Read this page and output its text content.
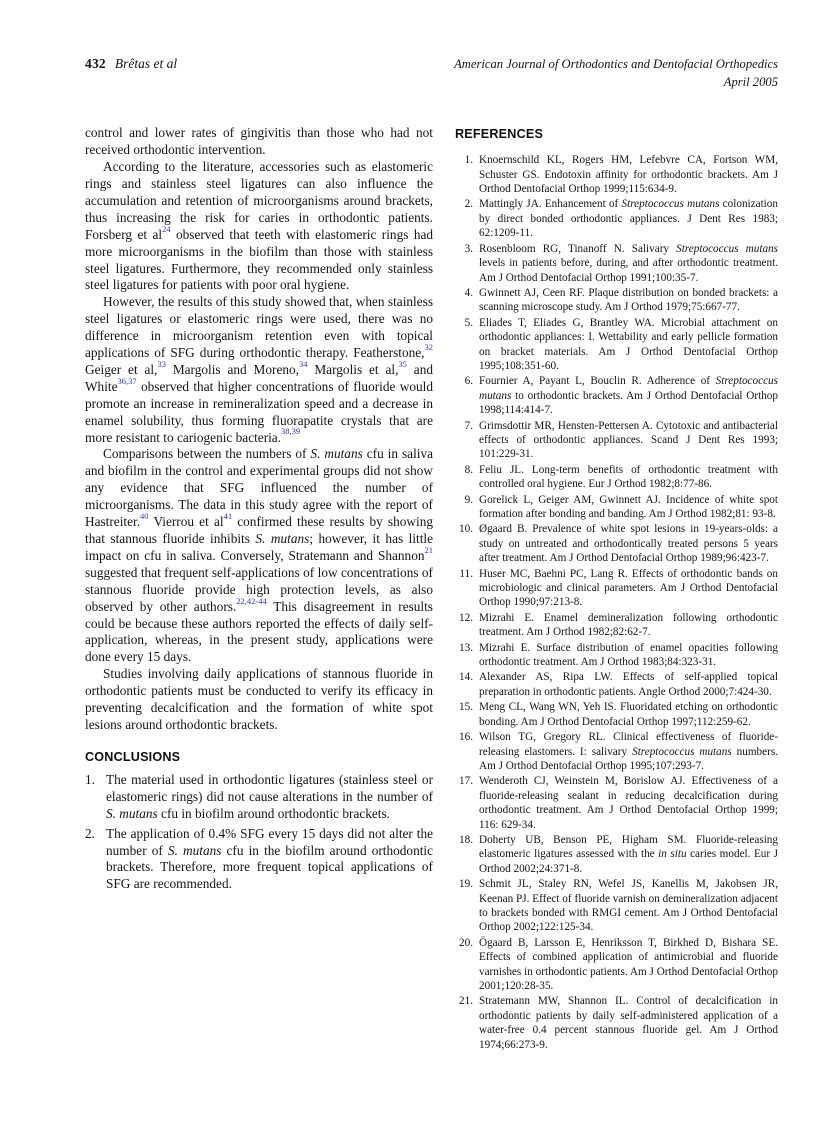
432 Brêtas et al	American Journal of Orthodontics and Dentofacial Orthopedics
April 2005

control and lower rates of gingivitis than those who had not received orthodontic intervention.

According to the literature, accessories such as elastomeric rings and stainless steel ligatures can also influence the accumulation and retention of microorganisms around brackets, thus increasing the risk for caries in orthodontic patients. Forsberg et al$^{24}$ observed that teeth with elastomeric rings had more microorganisms in the biofilm than those with stainless steel ligatures. Furthermore, they recommended only stainless steel ligatures for patients with poor oral hygiene.

However, the results of this study showed that, when stainless steel ligatures or elastomeric rings were used, there was no difference in microorganism retention even with topical applications of SFG during orthodontic therapy. Featherstone,$^{32}$ Geiger et al,$^{33}$ Margolis and Moreno,$^{34}$ Margolis et al,$^{35}$ and White$^{36,37}$ observed that higher concentrations of fluoride would promote an increase in remineralization speed and a decrease in enamel solubility, thus forming fluorapatite crystals that are more resistant to cariogenic bacteria.$^{38,39}$

Comparisons between the numbers of S. mutans cfu in saliva and biofilm in the control and experimental groups did not show any evidence that SFG influenced the number of microorganisms. The data in this study agree with the report of Hastreiter.$^{40}$ Vierrou et al$^{41}$ confirmed these results by showing that stannous fluoride inhibits S. mutans; however, it has little impact on cfu in saliva. Conversely, Stratemann and Shannon$^{21}$ suggested that frequent self-applications of low concentrations of stannous fluoride provide high protection levels, as also observed by other authors.$^{22,42-44}$ This disagreement in results could be because these authors reported the effects of daily self-application, whereas, in the present study, applications were done every 15 days.

Studies involving daily applications of stannous fluoride in orthodontic patients must be conducted to verify its efficacy in preventing decalcification and the formation of white spot lesions around orthodontic brackets.

CONCLUSIONS
1. The material used in orthodontic ligatures (stainless steel or elastomeric rings) did not cause alterations in the number of S. mutans cfu in biofilm around orthodontic brackets.
2. The application of 0.4% SFG every 15 days did not alter the number of S. mutans cfu in the biofilm around orthodontic brackets. Therefore, more frequent topical applications of SFG are recommended.
REFERENCES
1. Knoernschild KL, Rogers HM, Lefebvre CA, Fortson WM, Schuster GS. Endotoxin affinity for orthodontic brackets. Am J Orthod Dentofacial Orthop 1999;115:634-9.
2. Mattingly JA. Enhancement of Streptococcus mutans colonization by direct bonded orthodontic appliances. J Dent Res 1983; 62:1209-11.
3. Rosenbloom RG, Tinanoff N. Salivary Streptococcus mutans levels in patients before, during, and after orthodontic treatment. Am J Orthod Dentofacial Orthop 1991;100:35-7.
4. Gwinnett AJ, Ceen RF. Plaque distribution on bonded brackets: a scanning microscope study. Am J Orthod 1979;75:667-77.
5. Eliades T, Eliades G, Brantley WA. Microbial attachment on orthodontic appliances: I. Wettability and early pellicle formation on bracket materials. Am J Orthod Dentofacial Orthop 1995;108:351-60.
6. Fournier A, Payant L, Bouclin R. Adherence of Streptococcus mutans to orthodontic brackets. Am J Orthod Dentofacial Orthop 1998;114:414-7.
7. Grimsdottir MR, Hensten-Pettersen A. Cytotoxic and antibacterial effects of orthodontic appliances. Scand J Dent Res 1993; 101:229-31.
8. Feliu JL. Long-term benefits of orthodontic treatment with controlled oral hygiene. Eur J Orthod 1982;8:77-86.
9. Gorelick L, Geiger AM, Gwinnett AJ. Incidence of white spot formation after bonding and banding. Am J Orthod 1982;81: 93-8.
10. Øgaard B. Prevalence of white spot lesions in 19-years-olds: a study on untreated and orthodontically treated persons 5 years after treatment. Am J Orthod Dentofacial Orthop 1989;96:423-7.
11. Huser MC, Baehni PC, Lang R. Effects of orthodontic bands on microbiologic and clinical parameters. Am J Orthod Dentofacial Orthop 1990;97:213-8.
12. Mizrahi E. Enamel demineralization following orthodontic treatment. Am J Orthod 1982;82:62-7.
13. Mizrahi E. Surface distribution of enamel opacities following orthodontic treatment. Am J Orthod 1983;84:323-31.
14. Alexander AS, Ripa LW. Effects of self-applied topical preparation in orthodontic patients. Angle Orthod 2000;7:424-30.
15. Meng CL, Wang WN, Yeh IS. Fluoridated etching on orthodontic bonding. Am J Orthod Dentofacial Orthop 1997;112:259-62.
16. Wilson TG, Gregory RL. Clinical effectiveness of fluoride-releasing elastomers. I: salivary Streptococcus mutans numbers. Am J Orthod Dentofacial Orthop 1995;107:293-7.
17. Wenderoth CJ, Weinstein M, Borislow AJ. Effectiveness of a fluoride-releasing sealant in reducing decalcification during orthodontic treatment. Am J Orthod Dentofacial Orthop 1999; 116: 629-34.
18. Doherty UB, Benson PE, Higham SM. Fluoride-releasing elastomeric ligatures assessed with the in situ caries model. Eur J Orthod 2002;24:371-8.
19. Schmit JL, Staley RN, Wefel JS, Kanellis M, Jakobsen JR, Keenan PJ. Effect of fluoride varnish on demineralization adjacent to brackets bonded with RMGI cement. Am J Orthod Dentofacial Orthop 2002;122:125-34.
20. Ögaard B, Larsson E, Henriksson T, Birkhed D, Bishara SE. Effects of combined application of antimicrobial and fluoride varnishes in orthodontic patients. Am J Orthod Dentofacial Orthop 2001;120:28-35.
21. Stratemann MW, Shannon IL. Control of decalcification in orthodontic patients by daily self-administered application of a water-free 0.4 percent stannous fluoride gel. Am J Orthod 1974;66:273-9.
